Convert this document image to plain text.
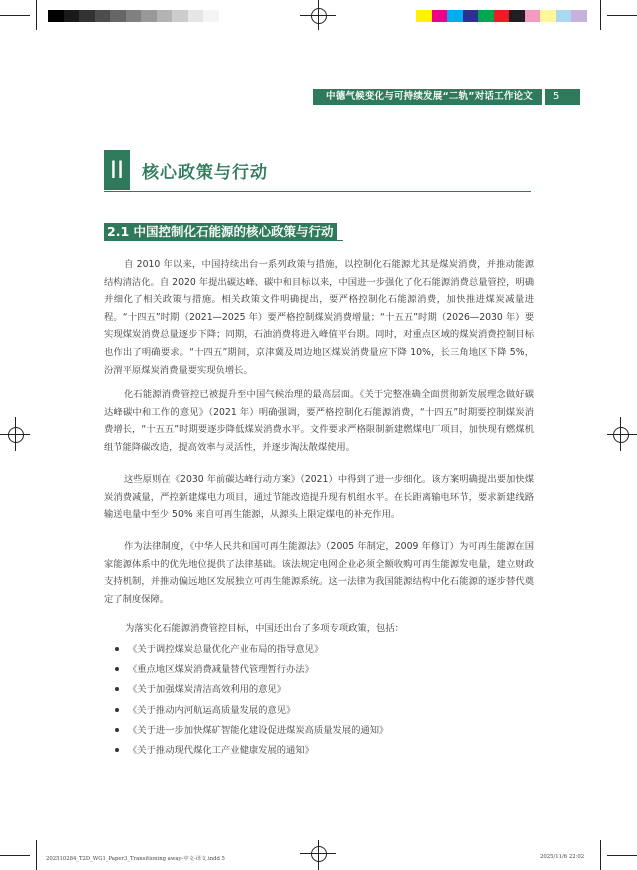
中德气候变化与可持续发展“二轨”对话工作论文	5
II	核心政策与行动
2.1 中国控制化石能源的核心政策与行动
自 2010 年以来，中国持续出台一系列政策与措施，以控制化石能源尤其是煤炭消费，并推动能源结构清洁化。自 2020 年提出碳达峰、碳中和目标以来，中国进一步强化了化石能源消费总量管控，明确并细化了相关政策与措施。相关政策文件明确提出，要严格控制化石能源消费，加快推进煤炭减量进程。“十四五”时期（2021—2025 年）要严格控制煤炭消费增量；“十五五”时期（2026—2030 年）要实现煤炭消费总量逐步下降；同期，石油消费将进入峰值平台期。同时，对重点区域的煤炭消费控制目标也作出了明确要求。“十四五”期间，京津冀及周边地区煤炭消费量应下降 10%，长三角地区下降 5%，汾渭平原煤炭消费量要实现负增长。
化石能源消费管控已被提升至中国气候治理的最高层面。《关于完整准确全面贯彻新发展理念做好碳达峰碳中和工作的意见》（2021 年）明确强调，要严格控制化石能源消费，“十四五”时期要控制煤炭消费增长，“十五五”时期要逐步降低煤炭消费水平。文件要求严格限制新建燃煤电厂项目，加快现有燃煤机组节能降碳改造，提高效率与灵活性，并逐步淘汰散煤使用。
这些原则在《2030 年前碳达峰行动方案》（2021）中得到了进一步细化。该方案明确提出要加快煤炭消费减量，严控新建煤电力项目，通过节能改造提升现有机组水平。在长距离输电环节，要求新建线路输送电量中至少 50% 来自可再生能源，从源头上限定煤电的补充作用。
作为法律制度，《中华人民共和国可再生能源法》（2005 年制定，2009 年修订）为可再生能源在国家能源体系中的优先地位提供了法律基础。该法规定电网企业必须全额收购可再生能源发电量，建立财政支持机制，并推动偏远地区发展独立可再生能源系统。这一法律为我国能源结构中化石能源的逐步替代奠定了制度保障。
为落实化石能源消费管控目标，中国还出台了多项专项政策，包括：
《关于调控煤炭总量优化产业布局的指导意见》
《重点地区煤炭消费减量替代管理暂行办法》
《关于加强煤炭清洁高效利用的意见》
《关于推动内河航运高质量发展的意见》
《关于进一步加快煤矿智能化建设促进煤炭高质量发展的通知》
《关于推动现代煤化工产业健康发展的通知》
202510284_T2D_WG1_Paper3_Transitioning away-中文-译文.indd 5	2025/11/6 22:02
